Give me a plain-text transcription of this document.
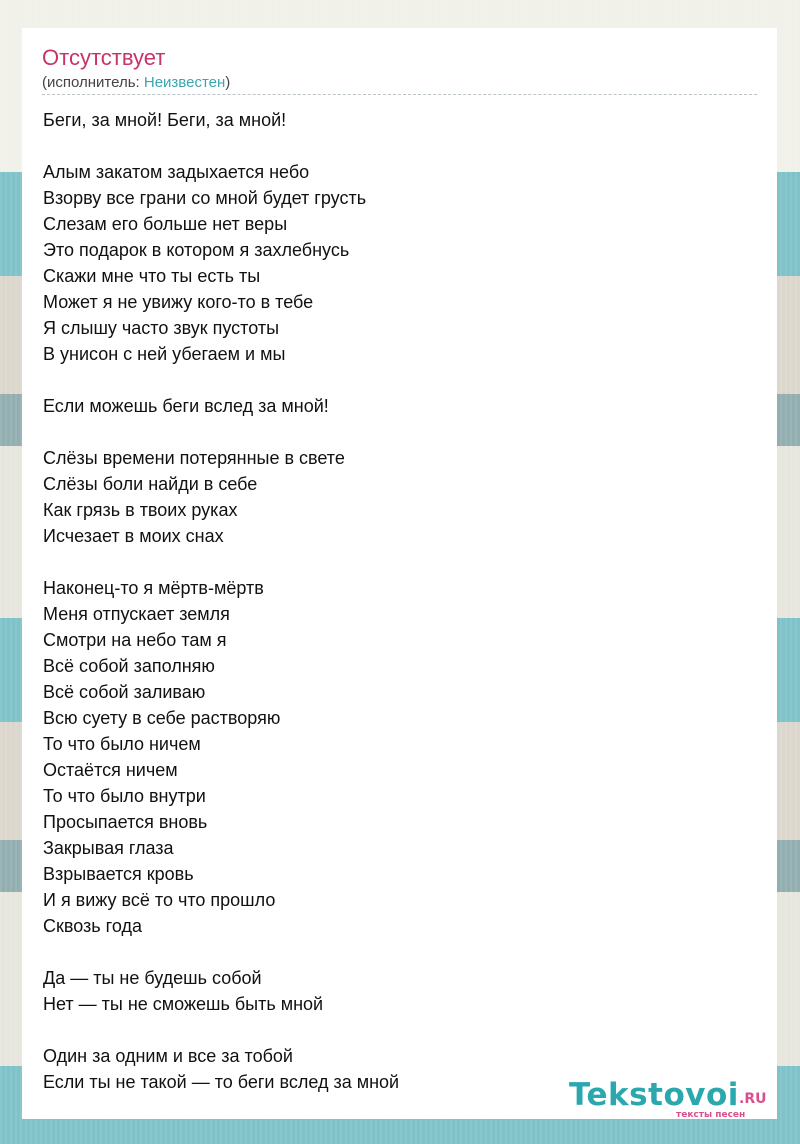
Отсутствует
(исполнитель: Неизвестен)
Беги, за мной! Беги, за мной!
Алым закатом задыхается небо
Взорву все грани со мной будет грусть
Слезам его больше нет веры
Это подарок в котором я захлебнусь
Скажи мне что ты есть ты
Может я не увижу кого-то в тебе
Я слышу часто звук пустоты
В унисон с ней убегаем и мы
Если можешь беги вслед за мной!
Слёзы времени потерянные в свете
Слёзы боли найди в себе
Как грязь в твоих руках
Исчезает в моих снах
Наконец-то я мёртв-мёртв
Меня отпускает земля
Смотри на небо там я
Всё собой заполняю
Всё собой заливаю
Всю суету в себе растворяю
То что было ничем
Остаётся ничем
То что было внутри
Просыпается вновь
Закрывая глаза
Взрывается кровь
И я вижу всё то что прошло
Сквозь года
Да — ты не будешь собой
Нет — ты не сможешь быть мной
Один за одним и все за тобой
Если ты не такой — то беги вслед за мной	Tekstovoi .RU
тексты песен
